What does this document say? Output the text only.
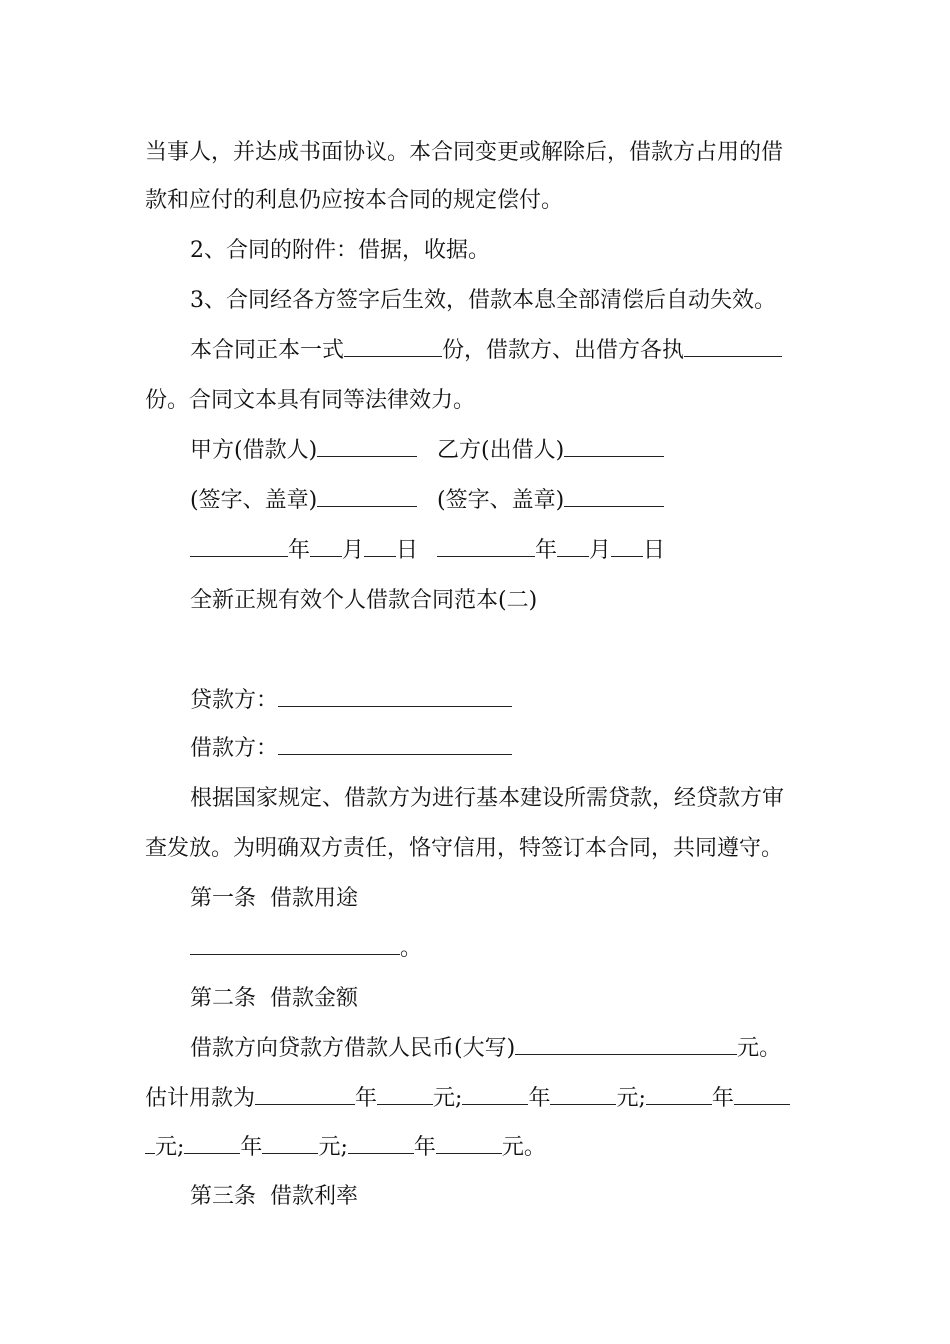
当事人，并达成书面协议。本合同变更或解除后，借款方占用的借
款和应付的利息仍应按本合同的规定偿付。
2、合同的附件：借据，收据。
3、合同经各方签字后生效，借款本息全部清偿后自动失效。
本合同正本一式	份，借款方、出借方各执
份。合同文本具有同等法律效力。
甲方(借款人)	乙方(出借人)
(签字、盖章)	(签字、盖章)
年 月 日	年 月 日
全新正规有效个人借款合同范本(二)
贷款方：
借款方：
根据国家规定、借款方为进行基本建设所需贷款，经贷款方审
查发放。为明确双方责任，恪守信用，特签订本合同，共同遵守。
第一条  借款用途
。
第二条  借款金额
借款方向贷款方借款人民币(大写)	元。
估计用款为	年	元;	年	元;	年
元;	年	元;	年	元。
第三条  借款利率
